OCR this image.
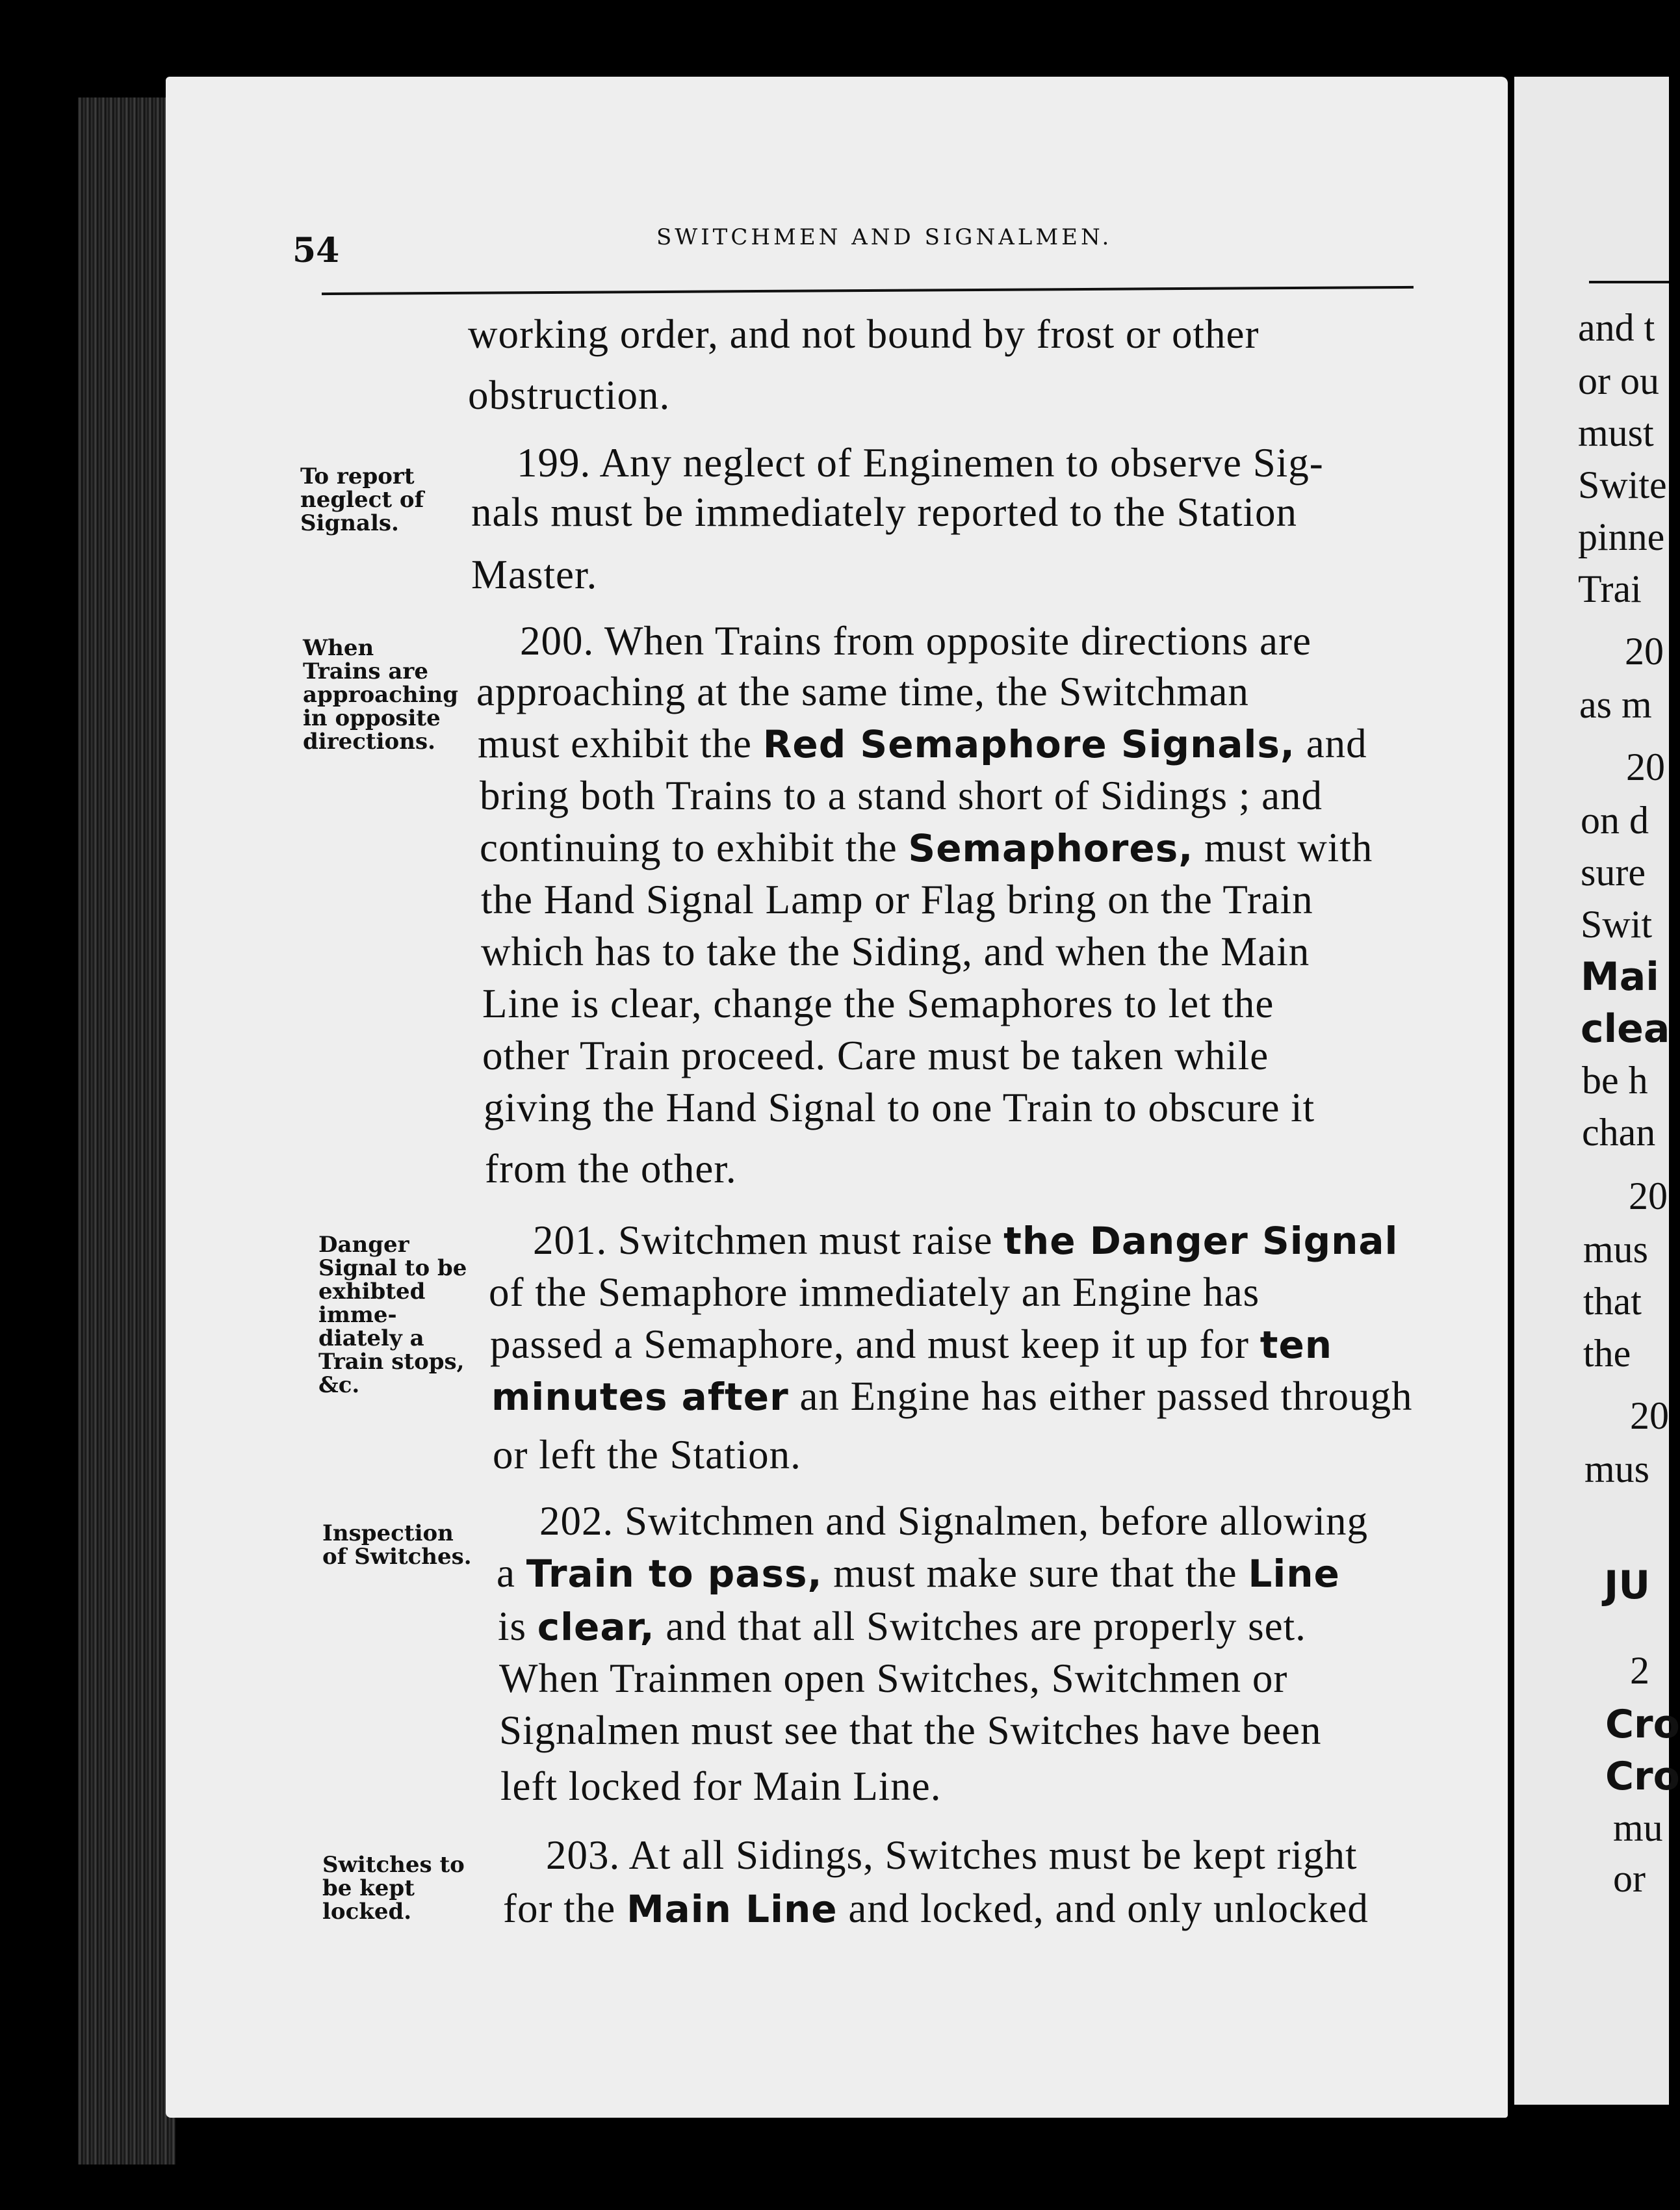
54	SWITCHMEN AND SIGNALMEN.
To report
neglect of
Signals.
When
Trains are
approaching
in opposite
directions.
Danger
Signal to be
exhibted
imme-
diately a
Train stops,
&c.
Inspection
of Switches.
Switches to
be kept
locked.
working order, and not bound by frost or other
obstruction.
199. Any neglect of Enginemen to observe Sig-
nals must be immediately reported to the Station
Master.
200. When Trains from opposite directions are
approaching at the same time, the Switchman
must exhibit the Red Semaphore Signals, and
bring both Trains to a stand short of Sidings ; and
continuing to exhibit the Semaphores, must with
the Hand Signal Lamp or Flag bring on the Train
which has to take the Siding, and when the Main
Line is clear, change the Semaphores to let the
other Train proceed. Care must be taken while
giving the Hand Signal to one Train to obscure it
from the other.
201. Switchmen must raise the Danger Signal
of the Semaphore immediately an Engine has
passed a Semaphore, and must keep it up for ten
minutes after an Engine has either passed through
or left the Station.
202. Switchmen and Signalmen, before allowing
a Train to pass, must make sure that the Line
is clear, and that all Switches are properly set.
When Trainmen open Switches, Switchmen or
Signalmen must see that the Switches have been
left locked for Main Line.
203. At all Sidings, Switches must be kept right
for the Main Line and locked, and only unlocked
and t
or ou
must
Swite
pinne
Trai
20
as m
20
on d
sure
Swit
Mai
clea
be h
chan
20
mus
that
the
20
mus
JU
2
Cro
Cro
mu
or
